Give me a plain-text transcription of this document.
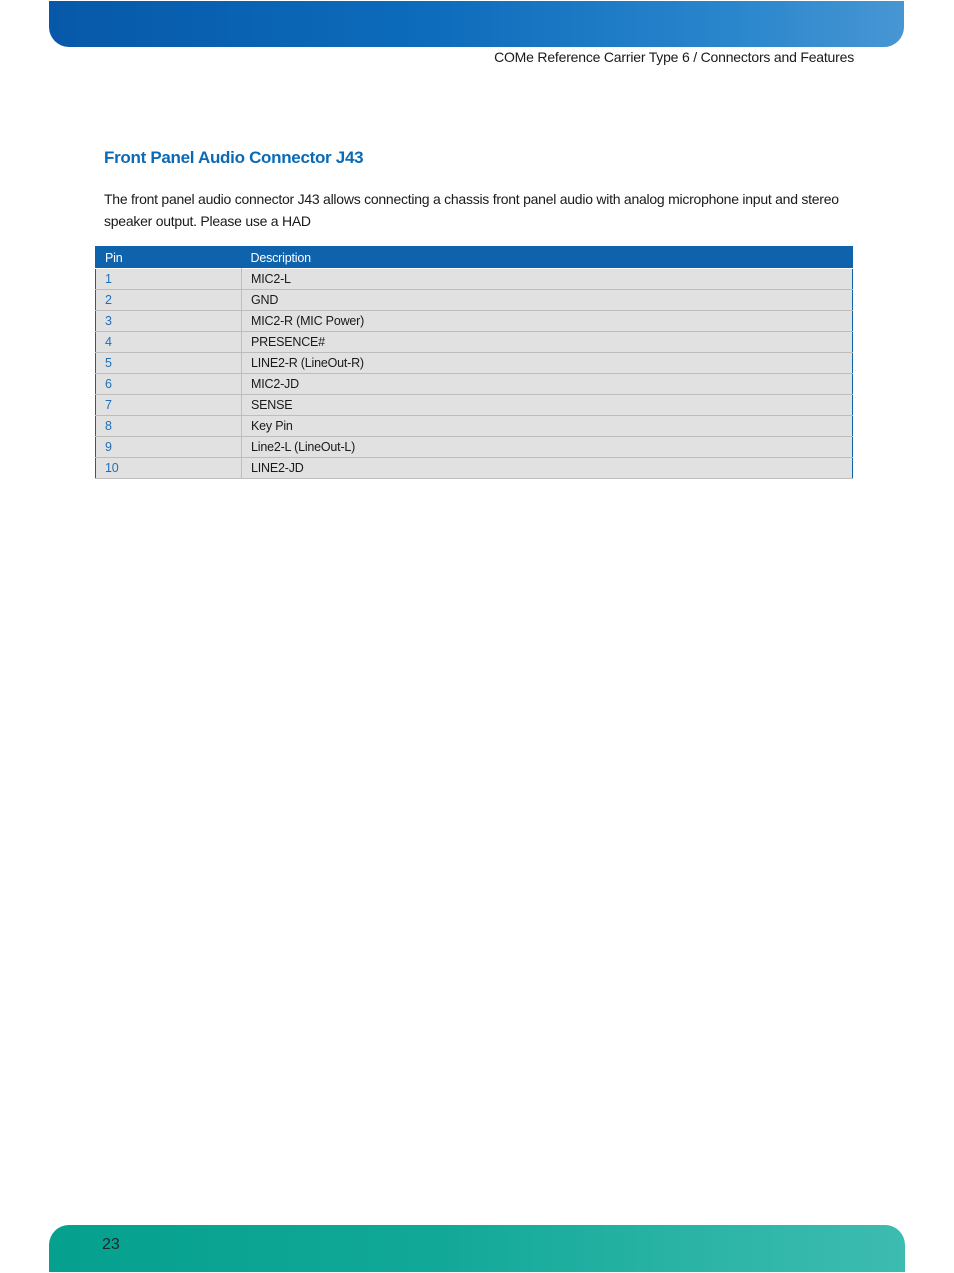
COMe Reference Carrier Type 6 / Connectors and Features
Front Panel Audio Connector J43

The front panel audio connector J43 allows connecting a chassis front panel audio with analog microphone input and stereo speaker output. Please use a HAD

Pin	Description
1	MIC2-L
2	GND
3	MIC2-R (MIC Power)
4	PRESENCE#
5	LINE2-R (LineOut-R)
6	MIC2-JD
7	SENSE
8	Key Pin
9	Line2-L (LineOut-L)
10	LINE2-JD
23
